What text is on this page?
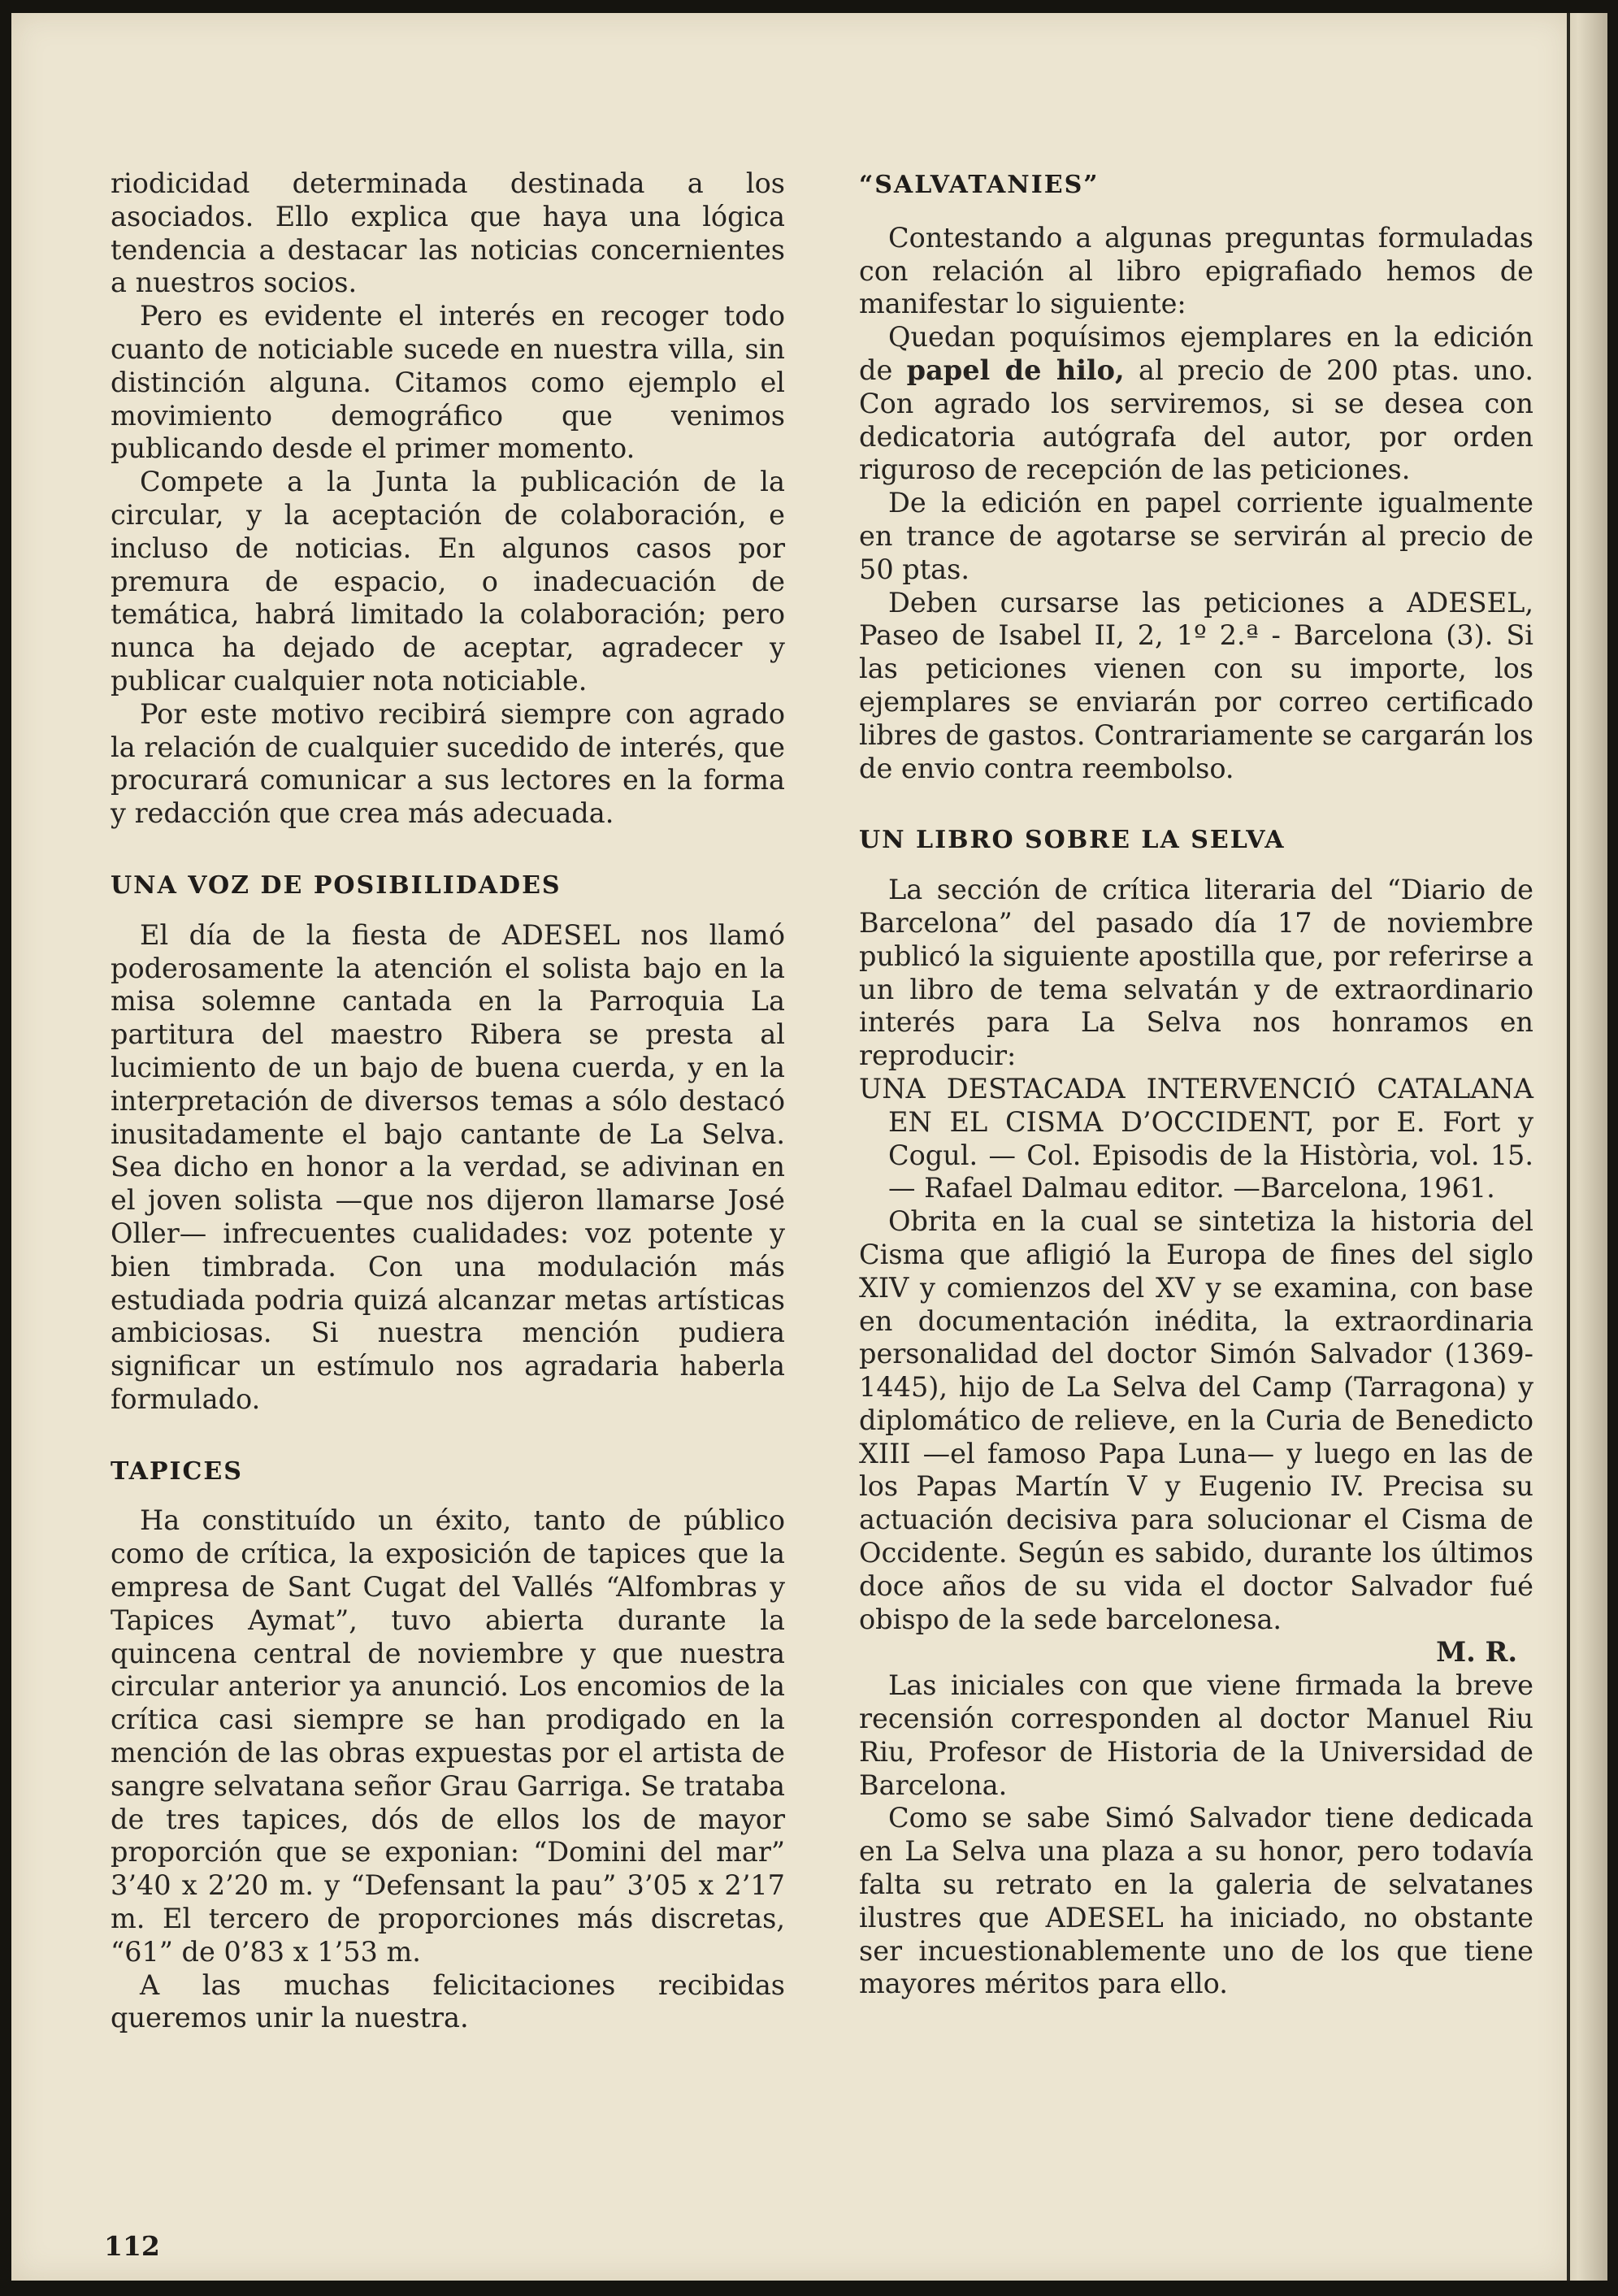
riodicidad determinada destinada a los asociados. Ello explica que haya una lógica tendencia a destacar las noticias concernientes a nuestros socios.

Pero es evidente el interés en recoger todo cuanto de noticiable sucede en nuestra villa, sin distinción alguna. Citamos como ejemplo el movimiento demográfico que venimos publicando desde el primer momento.

Compete a la Junta la publicación de la circular, y la aceptación de colaboración, e incluso de noticias. En algunos casos por premura de espacio, o inadecuación de temática, habrá limitado la colaboración; pero nunca ha dejado de aceptar, agradecer y publicar cualquier nota noticiable.

Por este motivo recibirá siempre con agrado la relación de cualquier sucedido de interés, que procurará comunicar a sus lectores en la forma y redacción que crea más adecuada.

UNA VOZ DE POSIBILIDADES

El día de la fiesta de ADESEL nos llamó poderosamente la atención el solista bajo en la misa solemne cantada en la Parroquia La partitura del maestro Ribera se presta al lucimiento de un bajo de buena cuerda, y en la interpretación de diversos temas a sólo destacó inusitadamente el bajo cantante de La Selva. Sea dicho en honor a la verdad, se adivinan en el joven solista —que nos dijeron llamarse José Oller— infrecuentes cualidades: voz potente y bien timbrada. Con una modulación más estudiada podria quizá alcanzar metas artísticas ambiciosas. Si nuestra mención pudiera significar un estímulo nos agradaria haberla formulado.

TAPICES

Ha constituído un éxito, tanto de público como de crítica, la exposición de tapices que la empresa de Sant Cugat del Vallés “Alfombras y Tapices Aymat”, tuvo abierta durante la quincena central de noviembre y que nuestra circular anterior ya anunció. Los encomios de la crítica casi siempre se han prodigado en la mención de las obras expuestas por el artista de sangre selvatana señor Grau Garriga. Se trataba de tres tapices, dós de ellos los de mayor proporción que se exponian: “Domini del mar” 3’40 x 2’20 m. y “Defensant la pau” 3’05 x 2’17 m. El tercero de proporciones más discretas, “61” de 0’83 x 1’53 m.

A las muchas felicitaciones recibidas queremos unir la nuestra.

“SALVATANIES”

Contestando a algunas preguntas formuladas con relación al libro epigrafiado hemos de manifestar lo siguiente:

Quedan poquísimos ejemplares en la edición de papel de hilo, al precio de 200 ptas. uno. Con agrado los serviremos, si se desea con dedicatoria autógrafa del autor, por orden riguroso de recepción de las peticiones.

De la edición en papel corriente igualmente en trance de agotarse se servirán al precio de 50 ptas.

Deben cursarse las peticiones a ADESEL, Paseo de Isabel II, 2, 1º 2.ª - Barcelona (3). Si las peticiones vienen con su importe, los ejemplares se enviarán por correo certificado libres de gastos. Contrariamente se cargarán los de envio contra reembolso.

UN LIBRO SOBRE LA SELVA

La sección de crítica literaria del “Diario de Barcelona” del pasado día 17 de noviembre publicó la siguiente apostilla que, por referirse a un libro de tema selvatán y de extraordinario interés para La Selva nos honramos en reproducir:

UNA DESTACADA INTERVENCIÓ CATALANA EN EL CISMA D’OCCIDENT, por E. Fort y Cogul. — Col. Episodis de la Història, vol. 15. — Rafael Dalmau editor. —Barcelona, 1961.

Obrita en la cual se sintetiza la historia del Cisma que afligió la Europa de fines del siglo XIV y comienzos del XV y se examina, con base en documentación inédita, la extraordinaria personalidad del doctor Simón Salvador (1369-1445), hijo de La Selva del Camp (Tarragona) y diplomático de relieve, en la Curia de Benedicto XIII —el famoso Papa Luna— y luego en las de los Papas Martín V y Eugenio IV. Precisa su actuación decisiva para solucionar el Cisma de Occidente. Según es sabido, durante los últimos doce años de su vida el doctor Salvador fué obispo de la sede barcelonesa.

M. R.

Las iniciales con que viene firmada la breve recensión corresponden al doctor Manuel Riu Riu, Profesor de Historia de la Universidad de Barcelona.

Como se sabe Simó Salvador tiene dedicada en La Selva una plaza a su honor, pero todavía falta su retrato en la galeria de selvatanes ilustres que ADESEL ha iniciado, no obstante ser incuestionablemente uno de los que tiene mayores méritos para ello.

112
